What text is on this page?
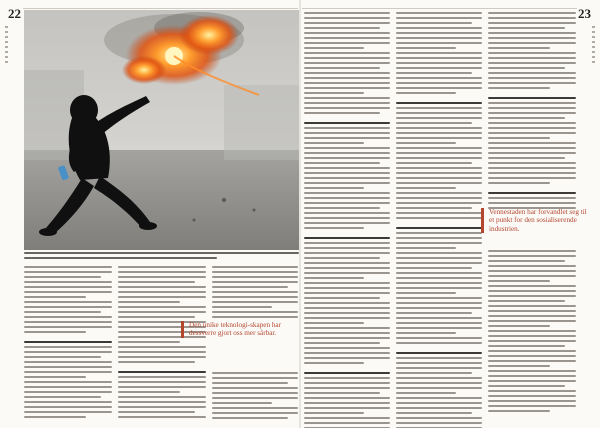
22	23
Den unike teknologi-skapen har dessverre gjort oss mer sårbar.
Vennestaden har forvandlet seg til et punkt for den sosialiserende industrien.
